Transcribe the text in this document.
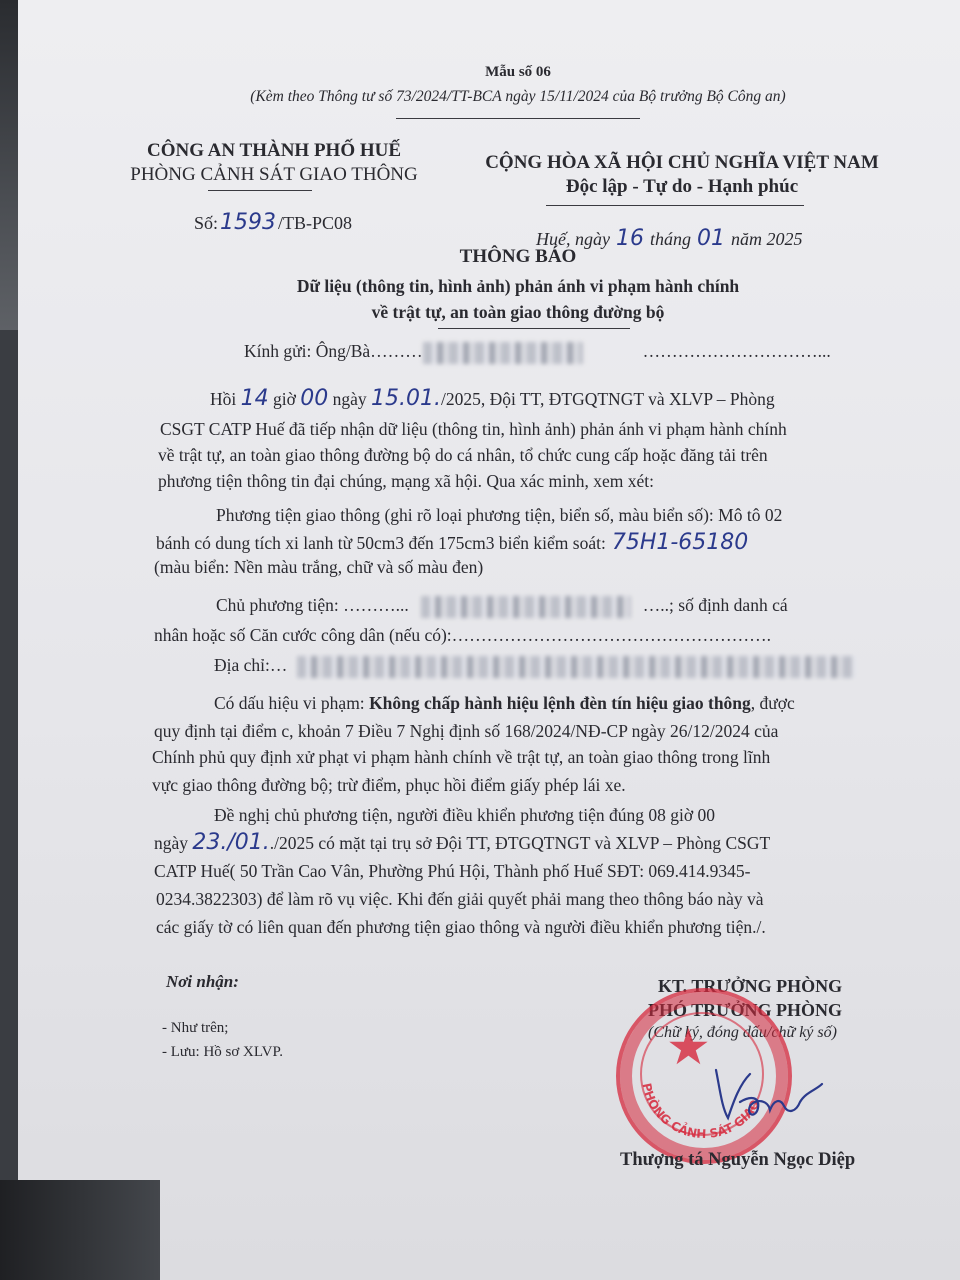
Mẫu số 06
(Kèm theo Thông tư số 73/2024/TT-BCA ngày 15/11/2024 của Bộ trưởng Bộ Công an)
CÔNG AN THÀNH PHỐ HUẾ
PHÒNG CẢNH SÁT GIAO THÔNG
CỘNG HÒA XÃ HỘI CHỦ NGHĨA VIỆT NAM
Độc lập - Tự do - Hạnh phúc
Số:1593 /TB-PC08
Huế, ngày 16 tháng 01 năm 2025
THÔNG BÁO
Dữ liệu (thông tin, hình ảnh) phản ánh vi phạm hành chính
về trật tự, an toàn giao thông đường bộ
Kính gửi: Ông/Bà………	…………………………...
Hồi 14 giờ 00 ngày 15.01./2025, Đội TT, ĐTGQTNGT và XLVP – Phòng
CSGT CATP Huế đã tiếp nhận dữ liệu (thông tin, hình ảnh) phản ánh vi phạm hành chính
về trật tự, an toàn giao thông đường bộ do cá nhân, tổ chức cung cấp hoặc đăng tải trên
phương tiện thông tin đại chúng, mạng xã hội. Qua xác minh, xem xét:
Phương tiện giao thông (ghi rõ loại phương tiện, biển số, màu biển số): Mô tô 02
bánh có dung tích xi lanh từ 50cm3 đến 175cm3 biển kiểm soát: 75H1-65180
(màu biển: Nền màu trắng, chữ và số màu đen)
Chủ phương tiện: ………...	…..; số định danh cá
nhân hoặc số Căn cước công dân (nếu có):……………………………………………….
Địa chỉ:…
Có dấu hiệu vi phạm: Không chấp hành hiệu lệnh đèn tín hiệu giao thông, được
quy định tại điểm c, khoản 7 Điều 7 Nghị định số 168/2024/NĐ-CP ngày 26/12/2024 của
Chính phủ quy định xử phạt vi phạm hành chính về trật tự, an toàn giao thông trong lĩnh
vực giao thông đường bộ; trừ điểm, phục hồi điểm giấy phép lái xe.
Đề nghị chủ phương tiện, người điều khiển phương tiện đúng 08 giờ 00
ngày 23./01../2025 có mặt tại trụ sở Đội TT, ĐTGQTNGT và XLVP – Phòng CSGT
CATP Huế( 50 Trần Cao Vân, Phường Phú Hội, Thành phố Huế SĐT: 069.414.9345-
0234.3822303) để làm rõ vụ việc. Khi đến giải quyết phải mang theo thông báo này và
các giấy tờ có liên quan đến phương tiện giao thông và người điều khiển phương tiện./.
Nơi nhận:
- Như trên;
- Lưu: Hồ sơ XLVP.
KT. TRƯỞNG PHÒNG
PHÓ TRƯỞNG PHÒNG
(Chữ ký, đóng dấu/chữ ký số)
★
PHÒNG CẢNH SÁT GIAO
Thượng tá Nguyễn Ngọc Diệp
